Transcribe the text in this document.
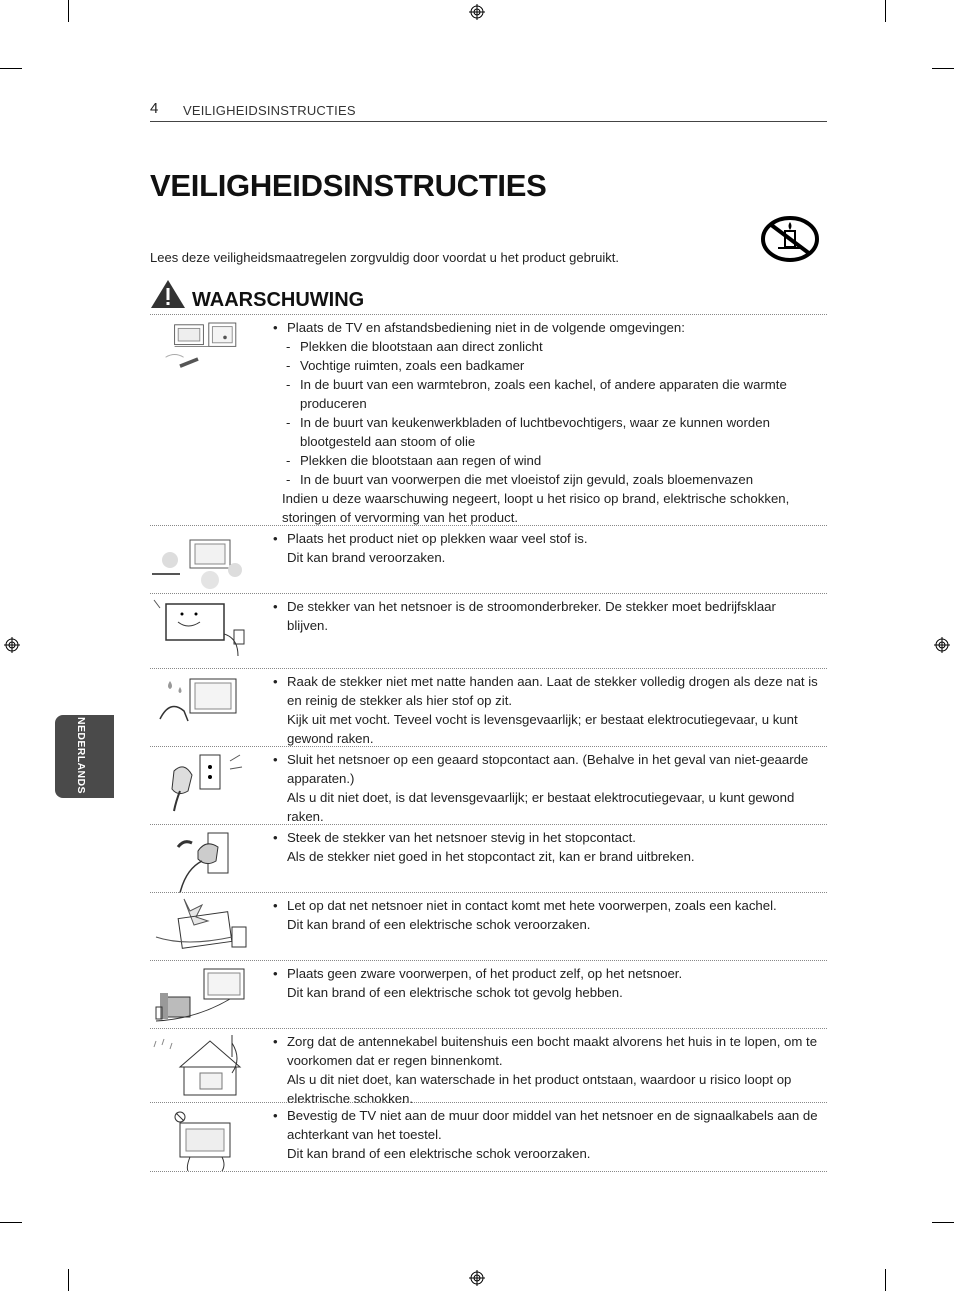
4 VEILIGHEIDSINSTRUCTIES
VEILIGHEIDSINSTRUCTIES
Lees deze veiligheidsmaatregelen zorgvuldig door voordat u het product gebruikt.
WAARSCHUWING
NEDERLANDS
• Plaats de TV en afstandsbediening niet in de volgende omgevingen:
- Plekken die blootstaan aan direct zonlicht
- Vochtige ruimten, zoals een badkamer
- In de buurt van een warmtebron, zoals een kachel, of andere apparaten die warmte produceren
- In de buurt van keukenwerkbladen of luchtbevochtigers, waar ze kunnen worden blootgesteld aan stoom of olie
- Plekken die blootstaan aan regen of wind
- In de buurt van voorwerpen die met vloeistof zijn gevuld, zoals bloemenvazen
Indien u deze waarschuwing negeert, loopt u het risico op brand, elektrische schokken, storingen of vervorming van het product.
• Plaats het product niet op plekken waar veel stof is.
Dit kan brand veroorzaken.
• De stekker van het netsnoer is de stroomonderbreker. De stekker moet bedrijfsklaar blijven.
• Raak de stekker niet met natte handen aan. Laat de stekker volledig drogen als deze nat is en reinig de stekker als hier stof op zit.
Kijk uit met vocht. Teveel vocht is levensgevaarlijk; er bestaat elektrocutiegevaar, u kunt gewond raken.
• Sluit het netsnoer op een geaard stopcontact aan. (Behalve in het geval van niet-geaarde apparaten.)
Als u dit niet doet, is dat levensgevaarlijk; er bestaat elektrocutiegevaar, u kunt gewond raken.
• Steek de stekker van het netsnoer stevig in het stopcontact.
Als de stekker niet goed in het stopcontact zit, kan er brand uitbreken.
• Let op dat net netsnoer niet in contact komt met hete voorwerpen, zoals een kachel.
Dit kan brand of een elektrische schok veroorzaken.
• Plaats geen zware voorwerpen, of het product zelf, op het netsnoer.
Dit kan brand of een elektrische schok tot gevolg hebben.
• Zorg dat de antennekabel buitenshuis een bocht maakt alvorens het huis in te lopen, om te voorkomen dat er regen binnenkomt.
Als u dit niet doet, kan waterschade in het product ontstaan, waardoor u risico loopt op elektrische schokken.
• Bevestig de TV niet aan de muur door middel van het netsnoer en de signaalkabels aan de achterkant van het toestel.
Dit kan brand of een elektrische schok veroorzaken.
